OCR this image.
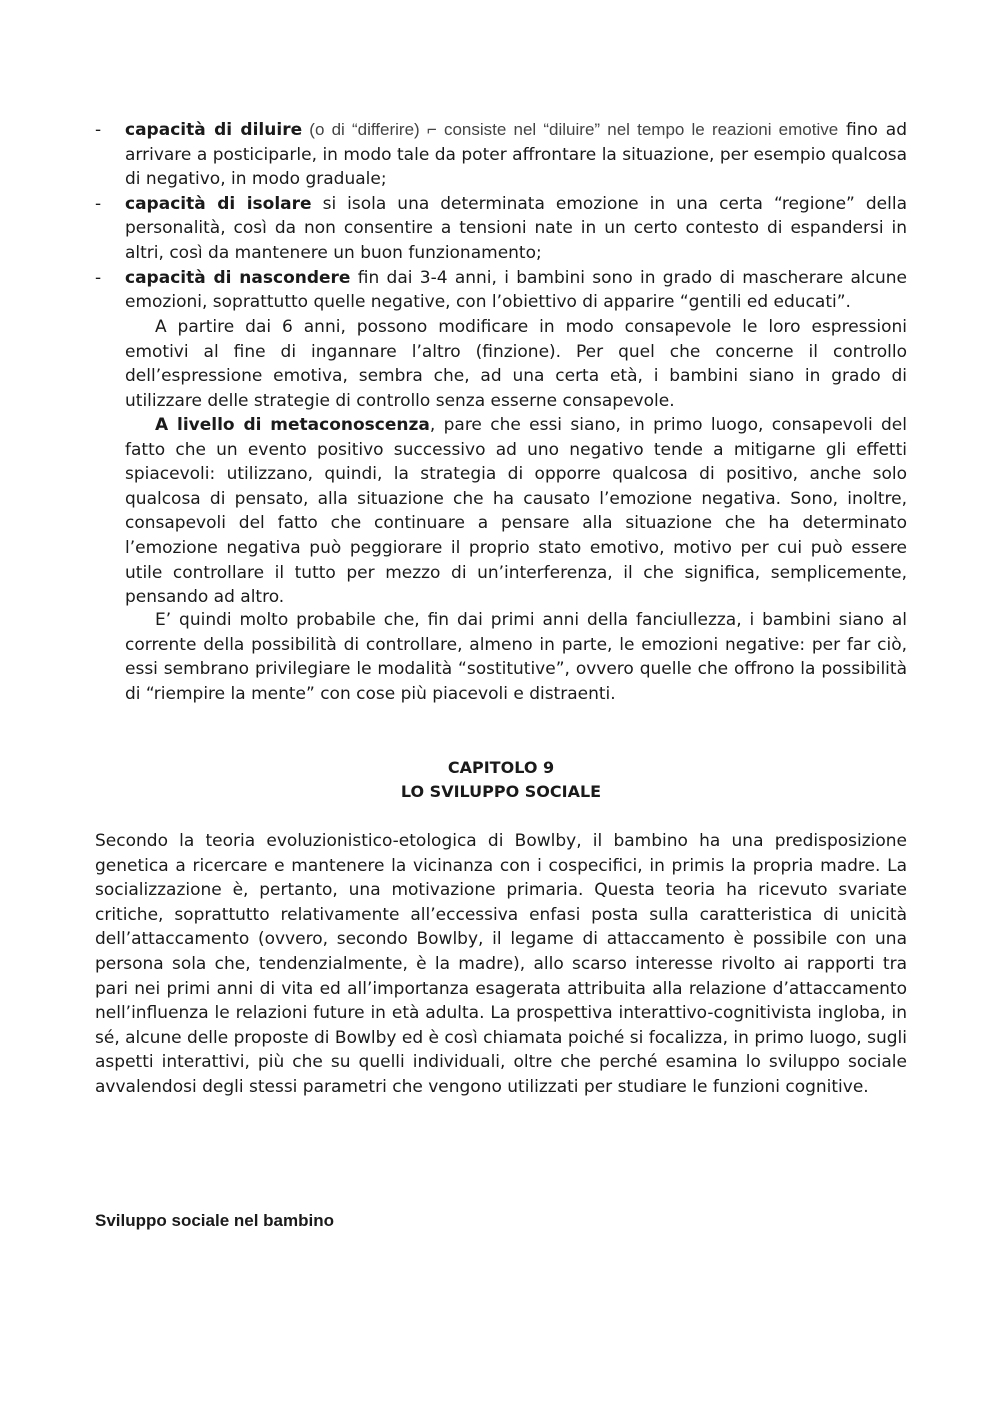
- capacità di diluire (o di “differire) ⌐ consiste nel “diluire” nel tempo le reazioni emotive fino ad arrivare a posticiparle, in modo tale da poter affrontare la situazione, per esempio qualcosa di negativo, in modo graduale;
- capacità di isolare si isola una determinata emozione in una certa “regione” della personalità, così da non consentire a tensioni nate in un certo contesto di espandersi in altri, così da mantenere un buon funzionamento;
- capacità di nascondere fin dai 3-4 anni, i bambini sono in grado di mascherare alcune emozioni, soprattutto quelle negative, con l’obiettivo di apparire “gentili ed educati”.

A partire dai 6 anni, possono modificare in modo consapevole le loro espressioni emotivi al fine di ingannare l’altro (finzione). Per quel che concerne il controllo dell’espressione emotiva, sembra che, ad una certa età, i bambini siano in grado di utilizzare delle strategie di controllo senza esserne consapevole.

A livello di metaconoscenza, pare che essi siano, in primo luogo, consapevoli del fatto che un evento positivo successivo ad uno negativo tende a mitigarne gli effetti spiacevoli: utilizzano, quindi, la strategia di opporre qualcosa di positivo, anche solo qualcosa di pensato, alla situazione che ha causato l’emozione negativa. Sono, inoltre, consapevoli del fatto che continuare a pensare alla situazione che ha determinato l’emozione negativa può peggiorare il proprio stato emotivo, motivo per cui può essere utile controllare il tutto per mezzo di un’interferenza, il che significa, semplicemente, pensando ad altro.

E’ quindi molto probabile che, fin dai primi anni della fanciullezza, i bambini siano al corrente della possibilità di controllare, almeno in parte, le emozioni negative: per far ciò, essi sembrano privilegiare le modalità “sostitutive”, ovvero quelle che offrono la possibilità di “riempire la mente” con cose più piacevoli e distraenti.

CAPITOLO 9
LO SVILUPPO SOCIALE

Secondo la teoria evoluzionistico-etologica di Bowlby, il bambino ha una predisposizione genetica a ricercare e mantenere la vicinanza con i cospecifici, in primis la propria madre. La socializzazione è, pertanto, una motivazione primaria. Questa teoria ha ricevuto svariate critiche, soprattutto relativamente all’eccessiva enfasi posta sulla caratteristica di unicità dell’attaccamento (ovvero, secondo Bowlby, il legame di attaccamento è possibile con una persona sola che, tendenzialmente, è la madre), allo scarso interesse rivolto ai rapporti tra pari nei primi anni di vita ed all’importanza esagerata attribuita alla relazione d’attaccamento nell’influenza le relazioni future in età adulta. La prospettiva interattivo-cognitivista ingloba, in sé, alcune delle proposte di Bowlby ed è così chiamata poiché si focalizza, in primo luogo, sugli aspetti interattivi, più che su quelli individuali, oltre che perché esamina lo sviluppo sociale avvalendosi degli stessi parametri che vengono utilizzati per studiare le funzioni cognitive.

Sviluppo sociale nel bambino
